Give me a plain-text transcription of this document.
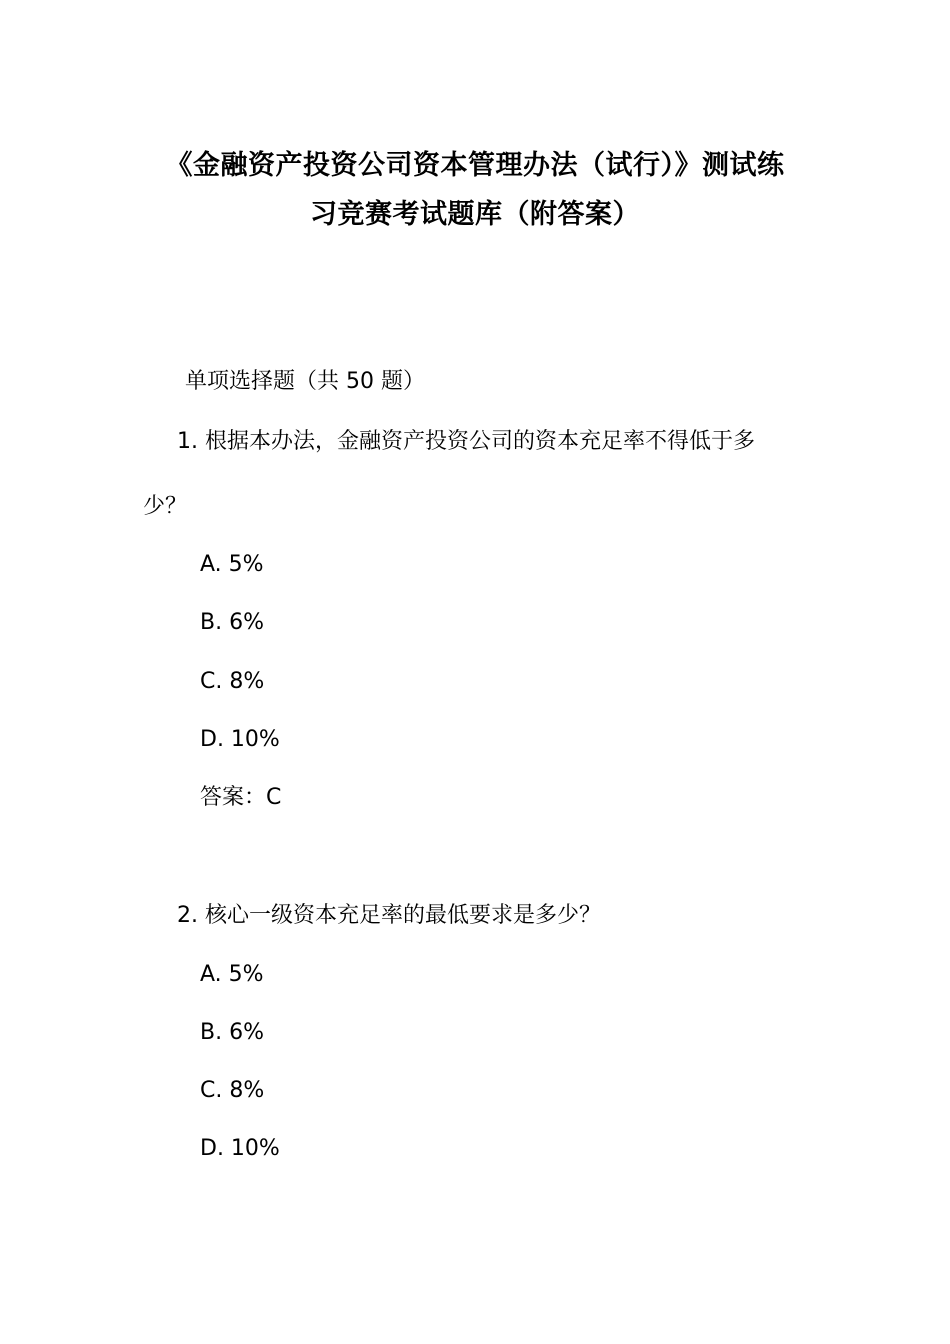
《金融资产投资公司资本管理办法（试行）》测试练
习竞赛考试题库（附答案）
单项选择题（共 50 题）
1. 根据本办法，金融资产投资公司的资本充足率不得低于多
少？
A. 5%
B. 6%
C. 8%
D. 10%
答案：C
2. 核心一级资本充足率的最低要求是多少？
A. 5%
B. 6%
C. 8%
D. 10%
